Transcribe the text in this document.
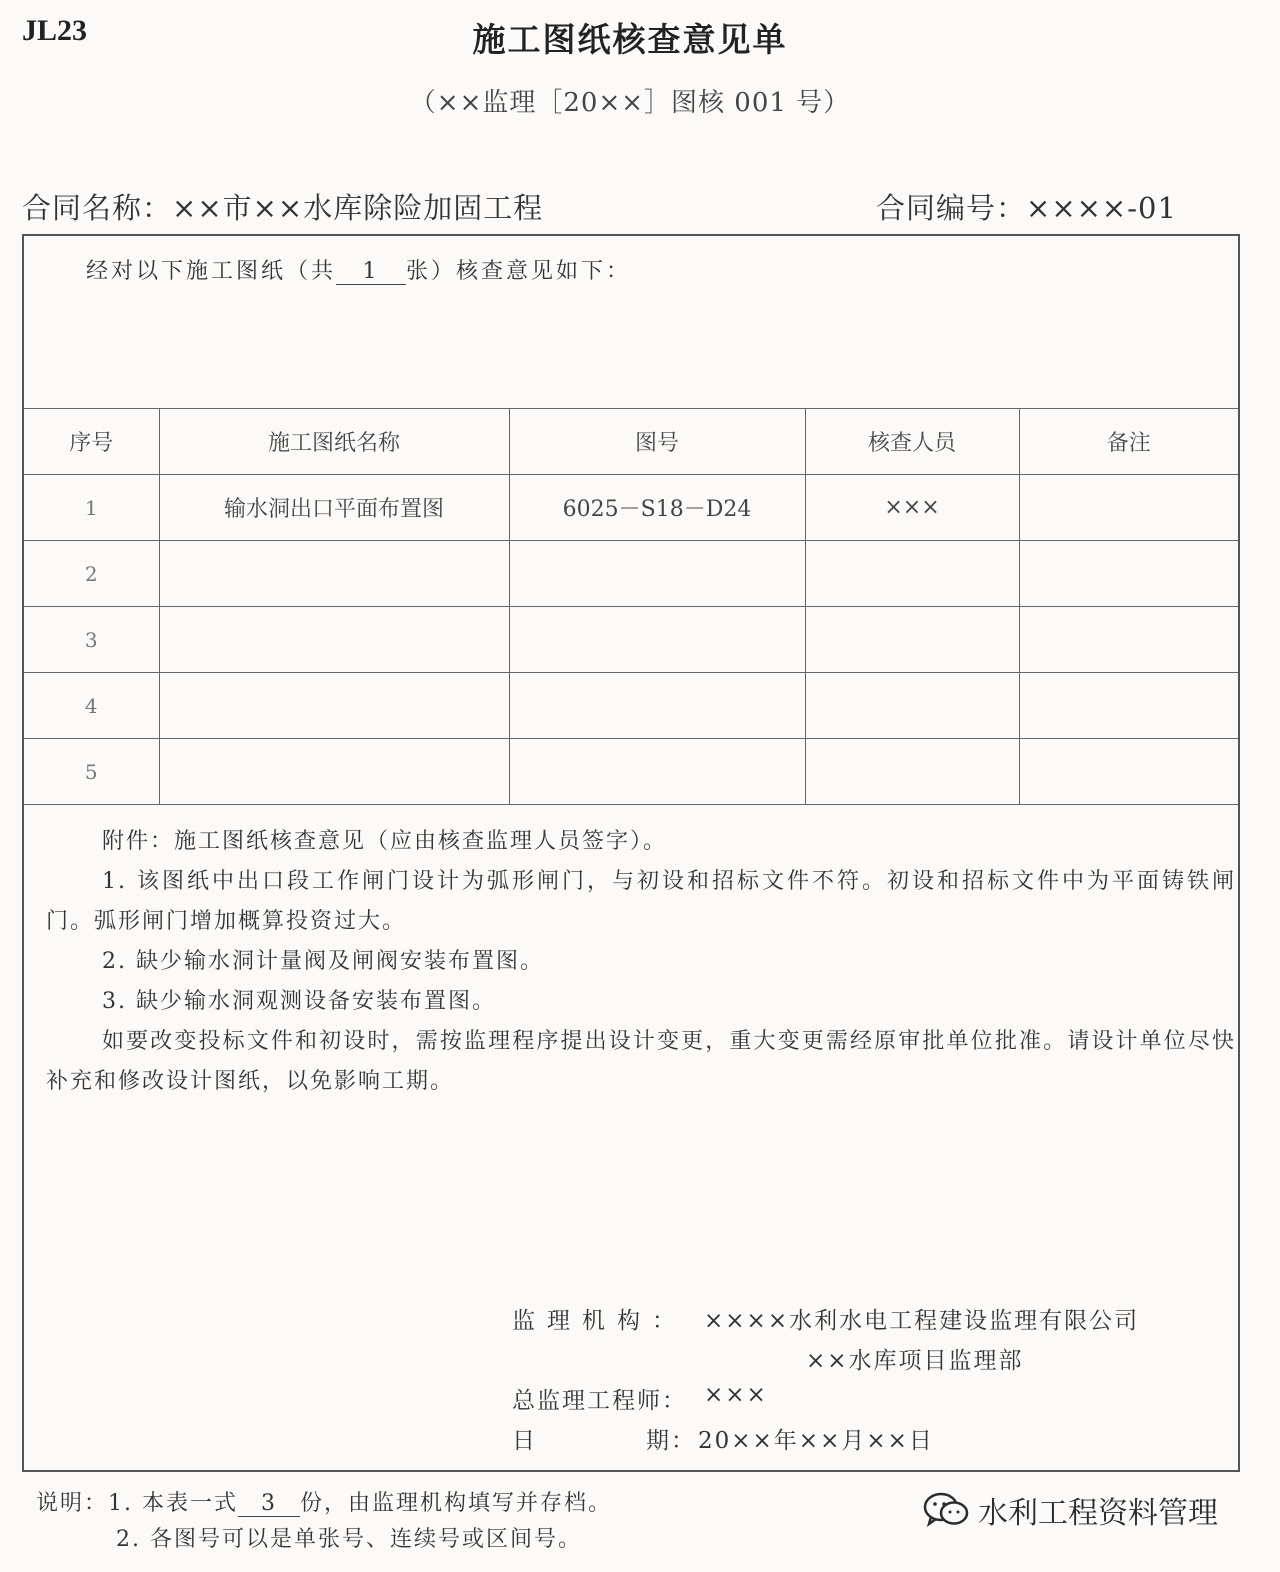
JL23	施工图纸核查意见单
（××监理［20××］图核 001 号）
合同名称：××市××水库除险加固工程	合同编号：××××-01
经对以下施工图纸（共 1 张）核查意见如下：
序号	施工图纸名称	图号	核查人员	备注
1	输水洞出口平面布置图	6025－S18－D24	×××	
2				
3				
4				
5				

附件：施工图纸核查意见（应由核查监理人员签字）。

1. 该图纸中出口段工作闸门设计为弧形闸门，与初设和招标文件不符。初设和招标文件中为平面铸铁闸门。弧形闸门增加概算投资过大。

2. 缺少输水洞计量阀及闸阀安装布置图。

3. 缺少输水洞观测设备安装布置图。

如要改变投标文件和初设时，需按监理程序提出设计变更，重大变更需经原审批单位批准。请设计单位尽快补充和修改设计图纸，以免影响工期。

监理机构： ××××水利水电工程建设监理有限公司
××水库项目监理部
总监理工程师： ×××
日	期： 20××年××月××日
说明：1. 本表一式 3 份，由监理机构填写并存档。
2. 各图号可以是单张号、连续号或区间号。
水利工程资料管理
